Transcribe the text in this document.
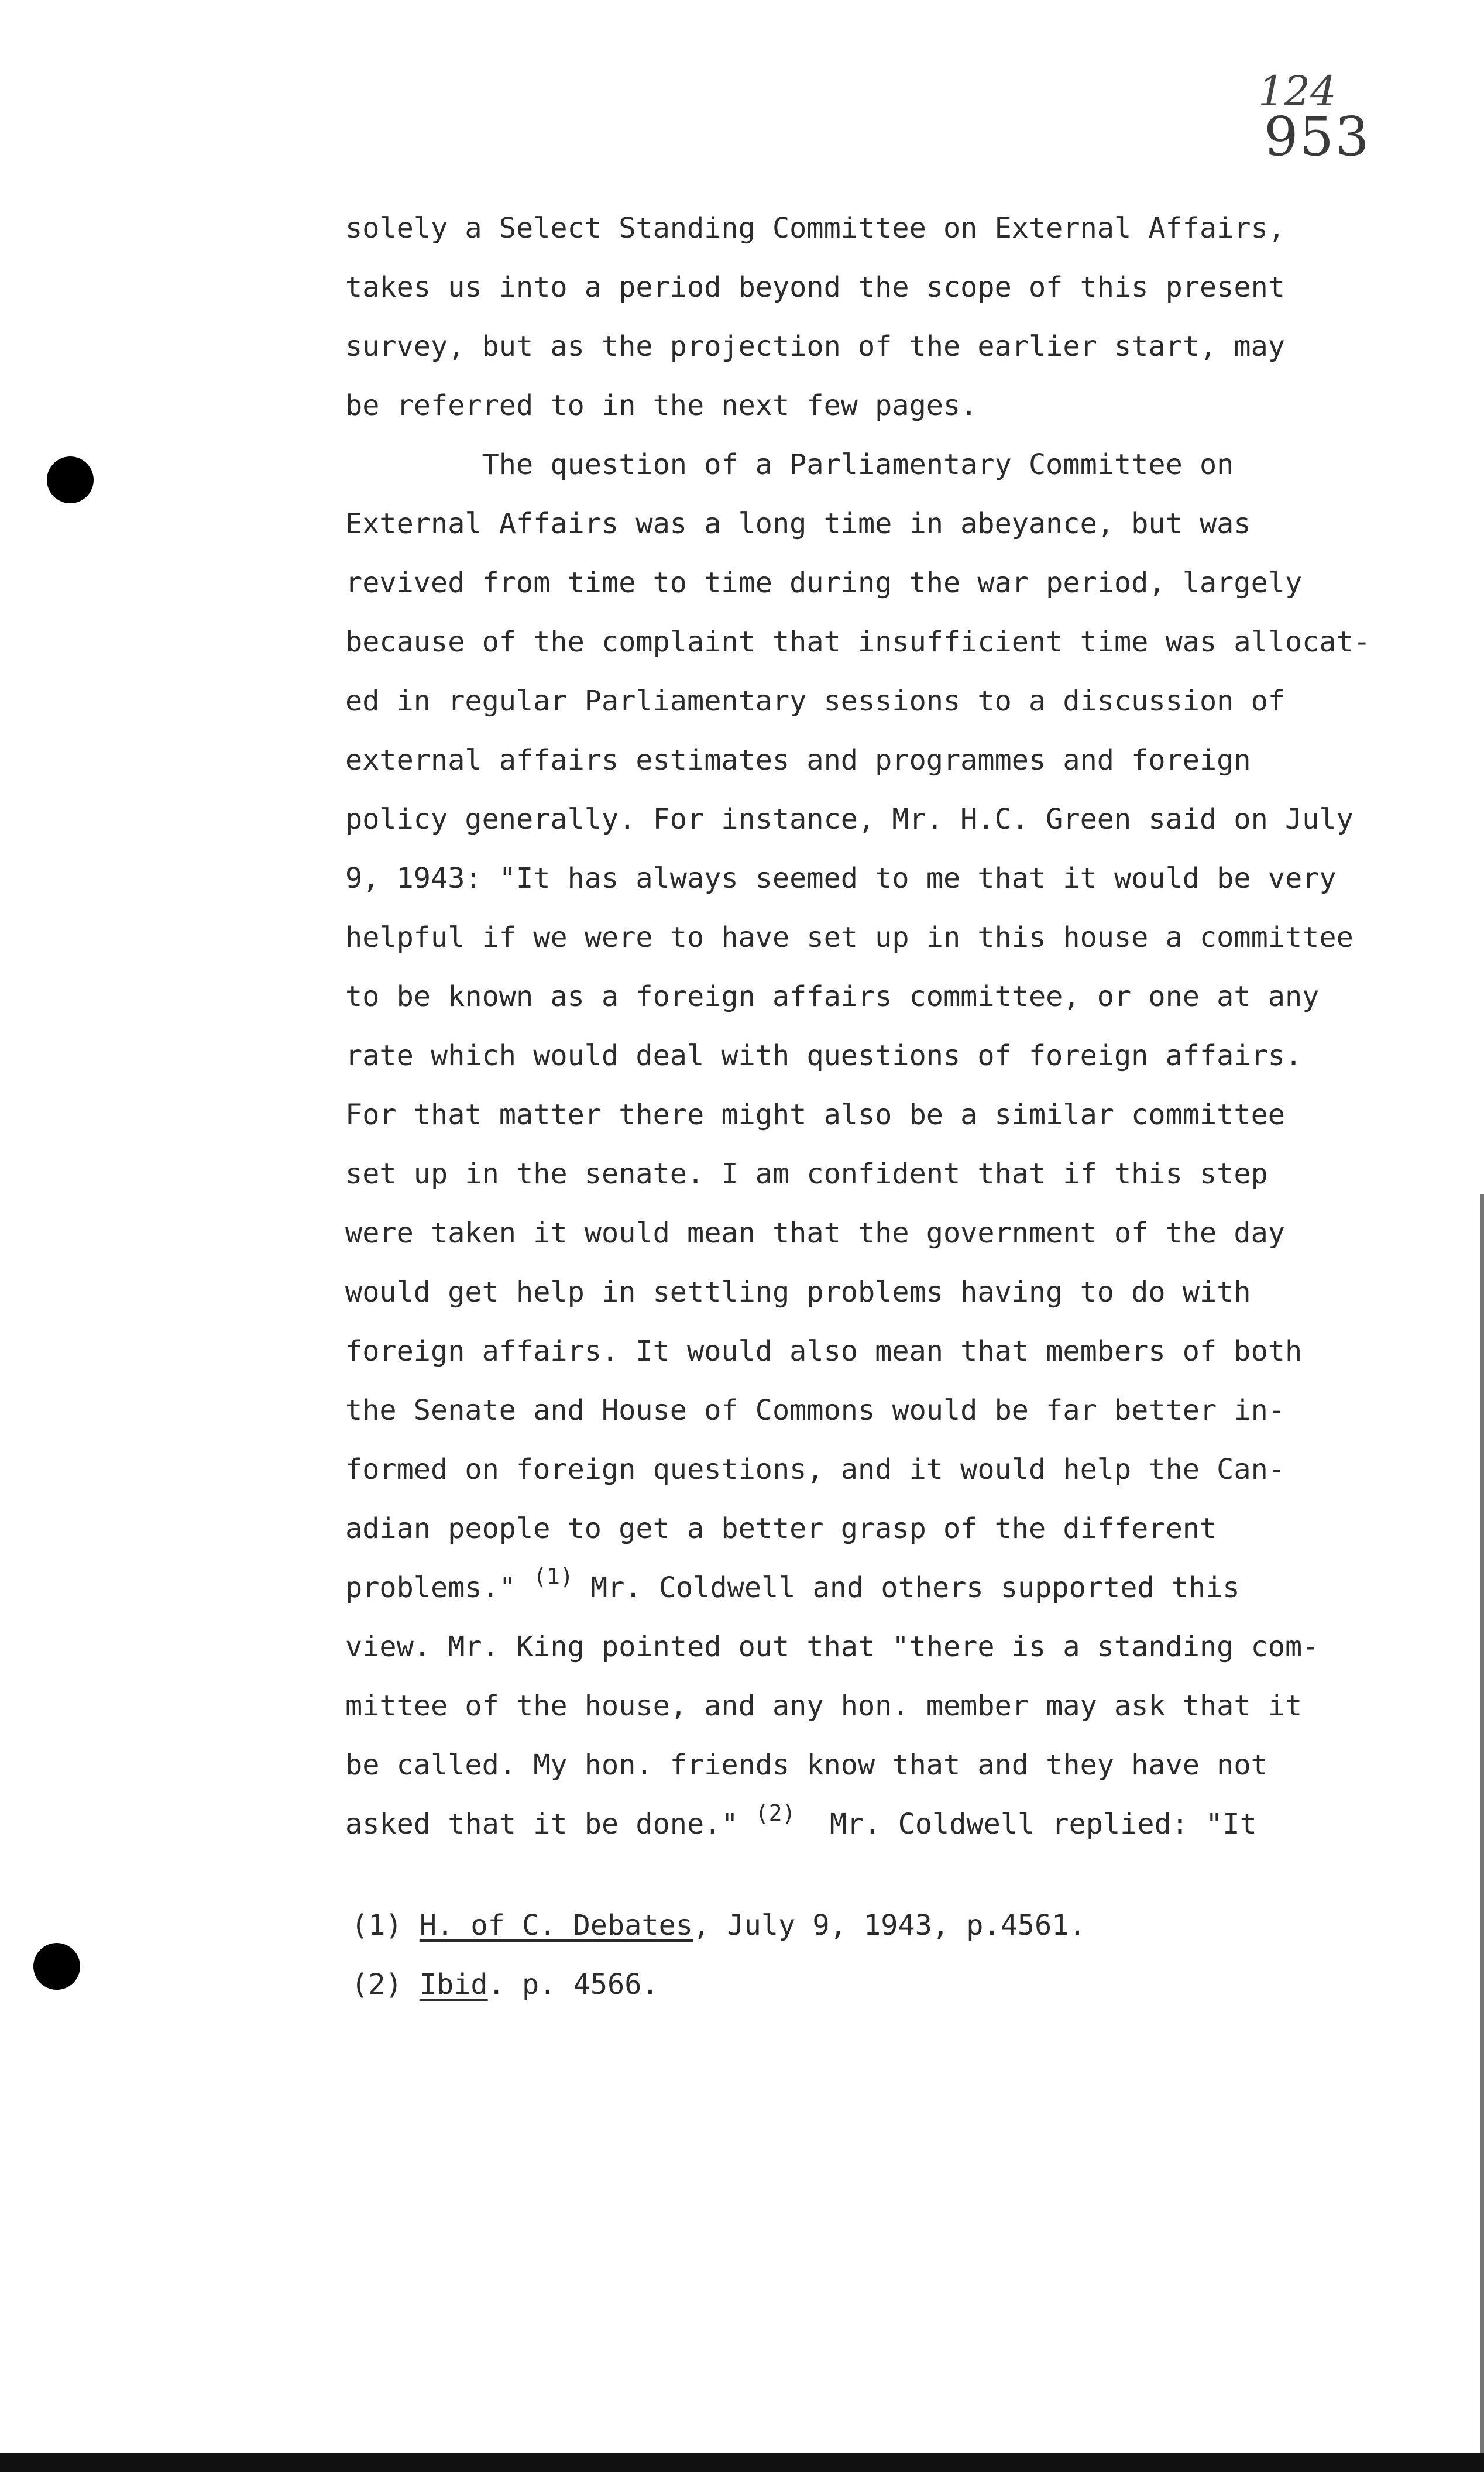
124
953
solely a Select Standing Committee on External Affairs,
takes us into a period beyond the scope of this present
survey, but as the projection of the earlier start, may
be referred to in the next few pages.
The question of a Parliamentary Committee on
External Affairs was a long time in abeyance, but was
revived from time to time during the war period, largely
because of the complaint that insufficient time was allocat-
ed in regular Parliamentary sessions to a discussion of
external affairs estimates and programmes and foreign
policy generally. For instance, Mr. H.C. Green said on July
9, 1943: "It has always seemed to me that it would be very
helpful if we were to have set up in this house a committee
to be known as a foreign affairs committee, or one at any
rate which would deal with questions of foreign affairs.
For that matter there might also be a similar committee
set up in the senate. I am confident that if this step
were taken it would mean that the government of the day
would get help in settling problems having to do with
foreign affairs. It would also mean that members of both
the Senate and House of Commons would be far better in-
formed on foreign questions, and it would help the Can-
adian people to get a better grasp of the different
problems." $^{(1)}$ Mr. Coldwell and others supported this
view. Mr. King pointed out that "there is a standing com-
mittee of the house, and any hon. member may ask that it
be called. My hon. friends know that and they have not
asked that it be done." $^{(2)}$  Mr. Coldwell replied: "It
(1) H. of C. Debates, July 9, 1943, p.4561.
(2) Ibid. p. 4566.
